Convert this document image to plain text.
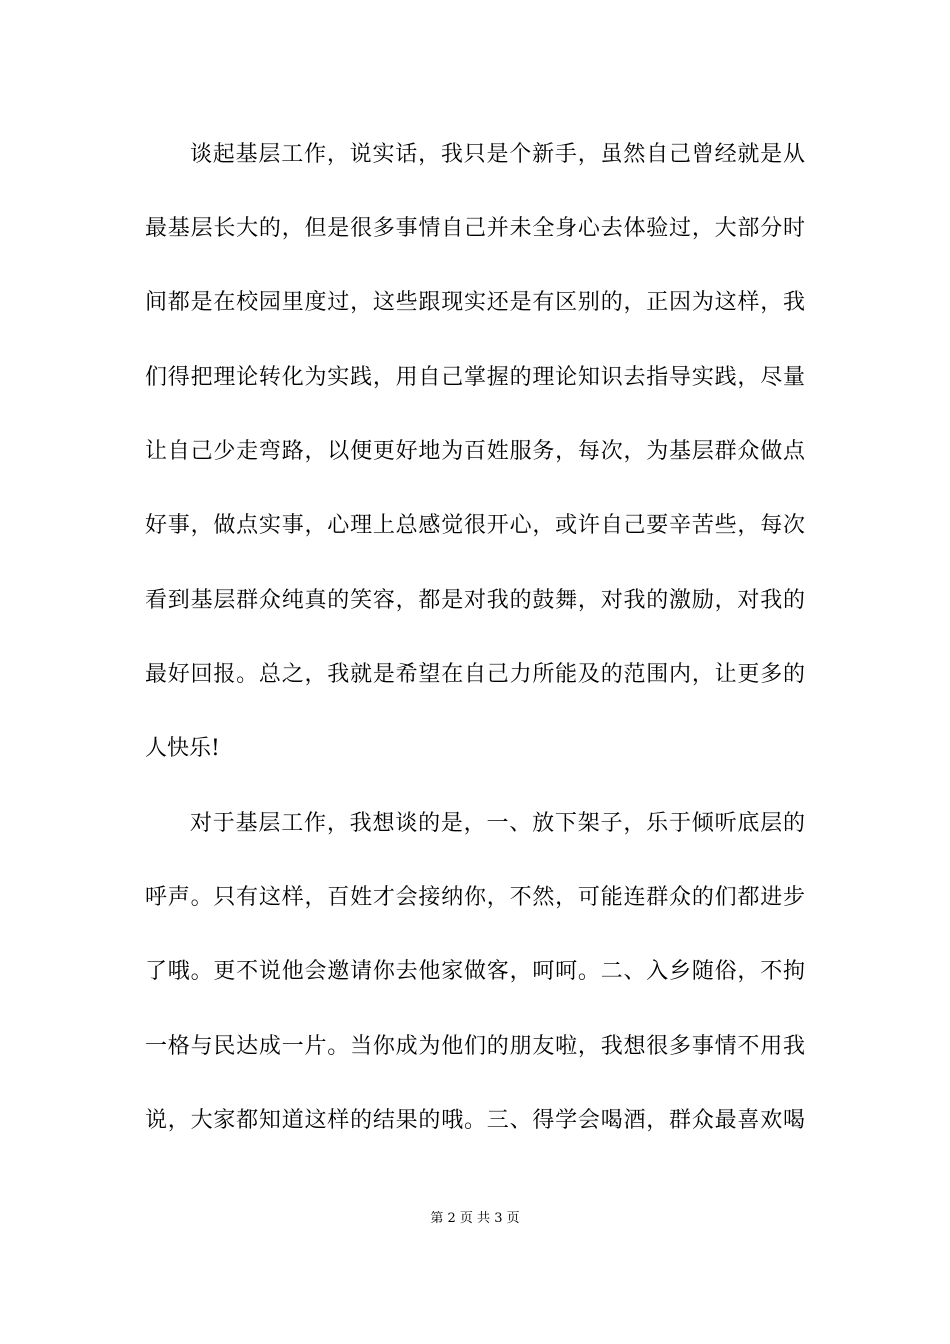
谈起基层工作，说实话，我只是个新手，虽然自己曾经就是从
最基层长大的，但是很多事情自己并未全身心去体验过，大部分时
间都是在校园里度过，这些跟现实还是有区别的，正因为这样，我
们得把理论转化为实践，用自己掌握的理论知识去指导实践，尽量
让自己少走弯路，以便更好地为百姓服务，每次，为基层群众做点
好事，做点实事，心理上总感觉很开心，或许自己要辛苦些，每次
看到基层群众纯真的笑容，都是对我的鼓舞，对我的激励，对我的
最好回报。总之，我就是希望在自己力所能及的范围内，让更多的
人快乐!
对于基层工作，我想谈的是，一、放下架子，乐于倾听底层的
呼声。只有这样，百姓才会接纳你，不然，可能连群众的们都进步
了哦。更不说他会邀请你去他家做客，呵呵。二、入乡随俗，不拘
一格与民达成一片。当你成为他们的朋友啦，我想很多事情不用我
说，大家都知道这样的结果的哦。三、得学会喝酒，群众最喜欢喝
第 2 页 共 3 页
